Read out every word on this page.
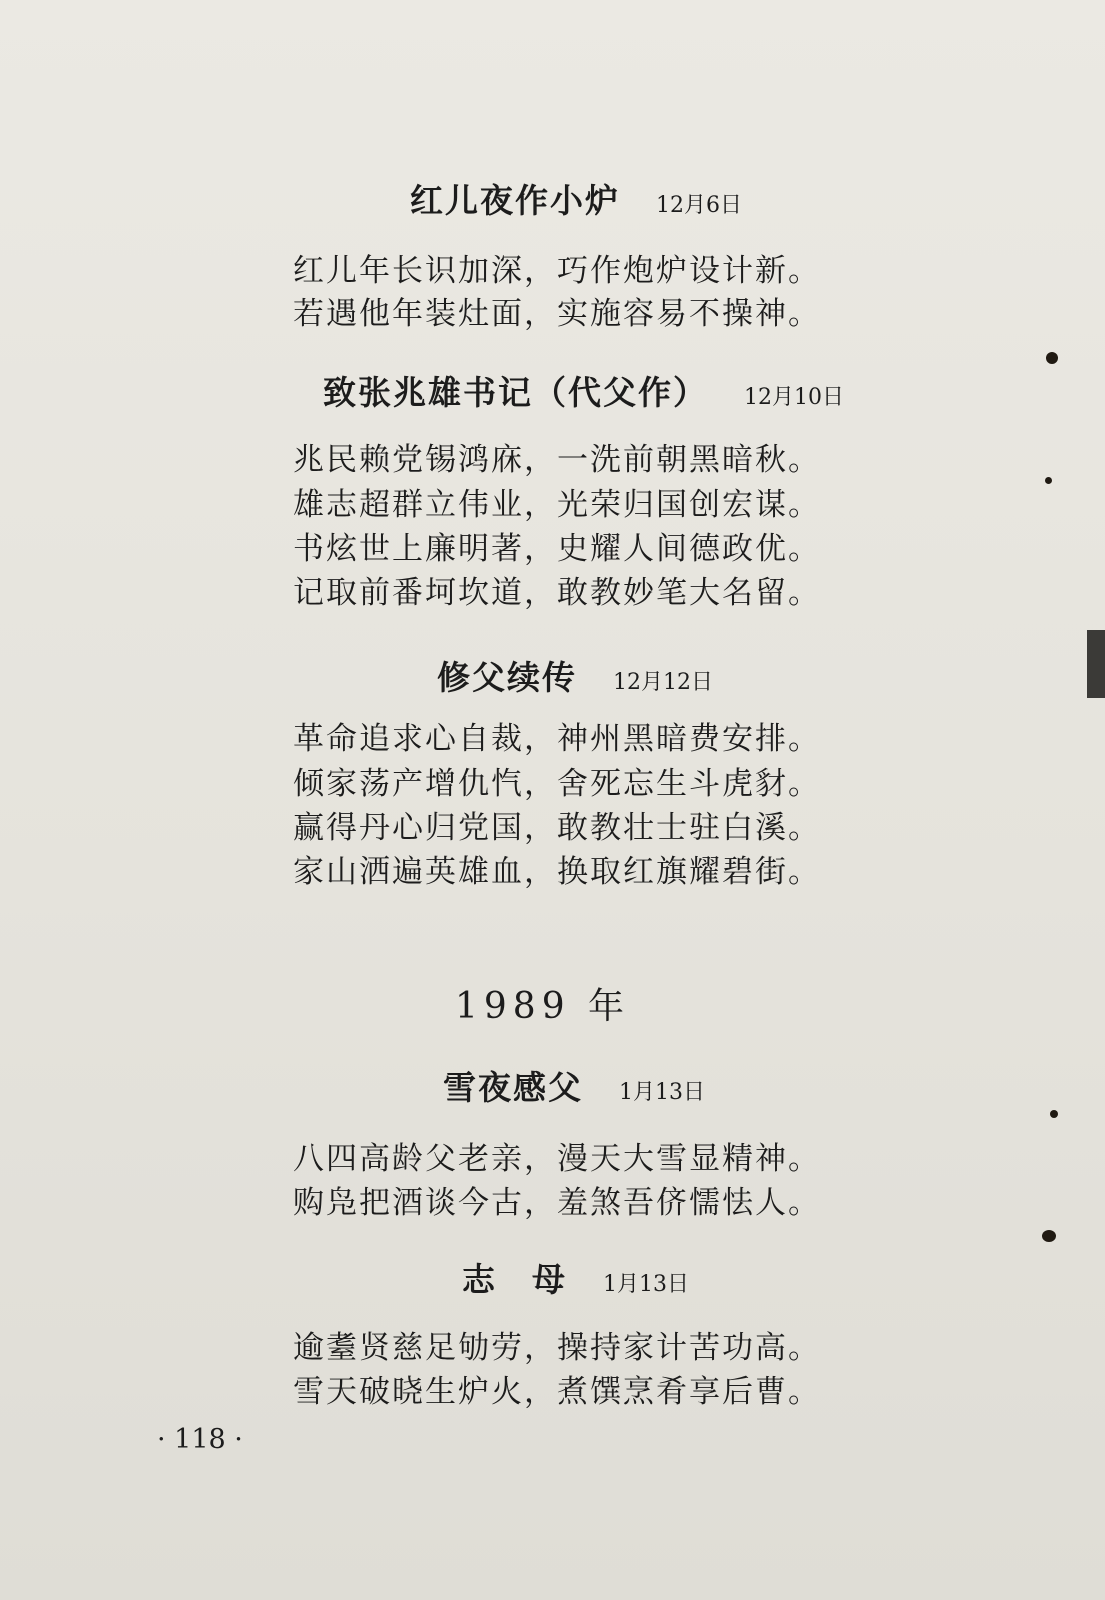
红儿夜作小炉 12月6日
红儿年长识加深，巧作炮炉设计新。
若遇他年装灶面，实施容易不操神。
致张兆雄书记（代父作） 12月10日
兆民赖党锡鸿庥，一洗前朝黑暗秋。
雄志超群立伟业，光荣归国创宏谋。
书炫世上廉明著，史耀人间德政优。
记取前番坷坎道，敢教妙笔大名留。
修父续传 12月12日
革命追求心自裁，神州黑暗费安排。
倾家荡产增仇忾，舍死忘生斗虎豺。
赢得丹心归党国，敢教壮士驻白溪。
家山洒遍英雄血，换取红旗耀碧街。
1989 年
雪夜感父 1月13日
八四高龄父老亲，漫天大雪显精神。
购凫把酒谈今古，羞煞吾侪懦怯人。
志　母 1月13日
逾耋贤慈足劬劳，操持家计苦功高。
雪天破晓生炉火，煮馔烹肴享后曹。
· 118 ·
